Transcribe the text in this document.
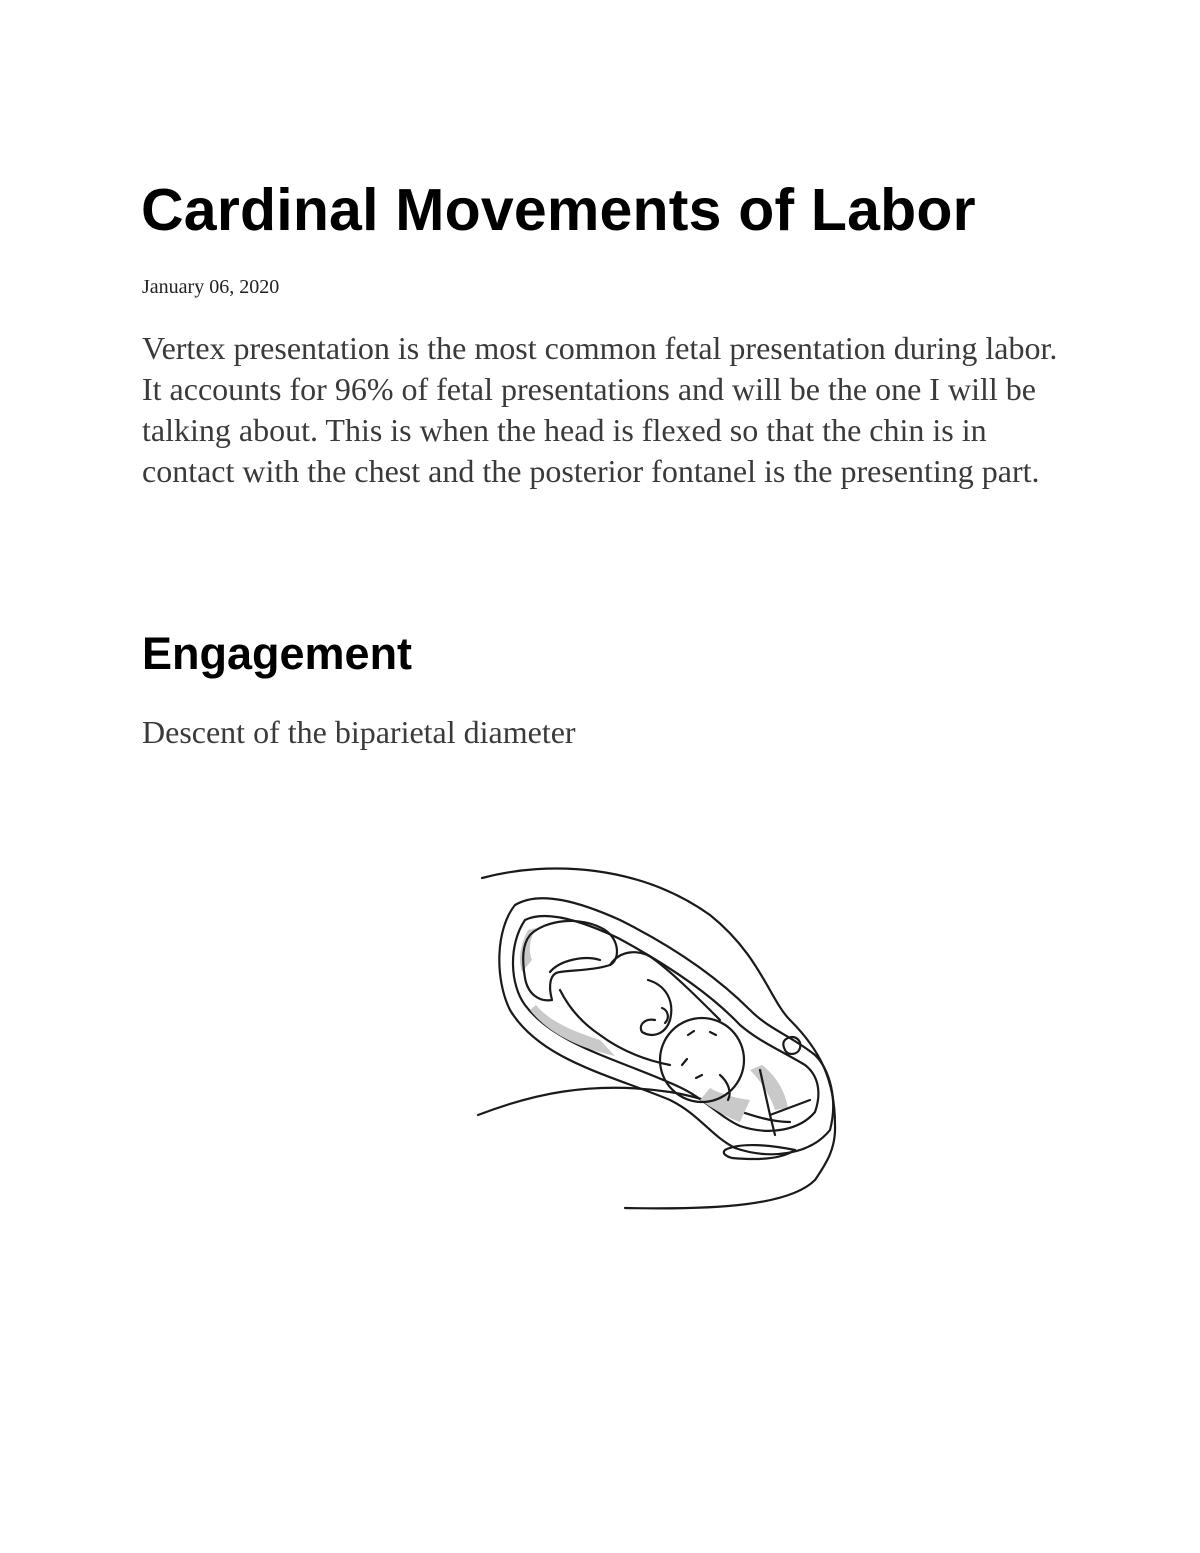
Cardinal Movements of Labor

January 06, 2020

Vertex presentation is the most common fetal presentation during labor. It accounts for 96% of fetal presentations and will be the one I will be talking about. This is when the head is flexed so that the chin is in contact with the chest and the posterior fontanel is the presenting part.

Engagement

Descent of the biparietal diameter
